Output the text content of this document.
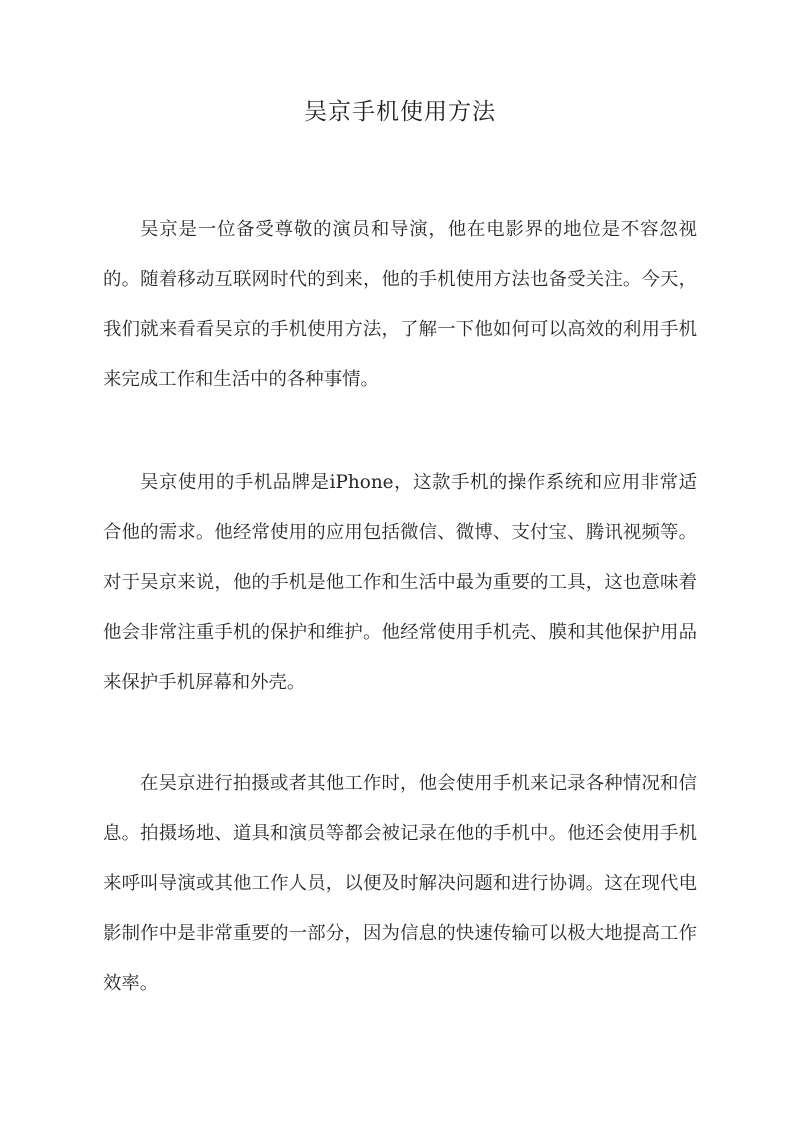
吴京手机使用方法

吴京是一位备受尊敬的演员和导演，他在电影界的地位是不容忽视的。随着移动互联网时代的到来，他的手机使用方法也备受关注。今天，我们就来看看吴京的手机使用方法，了解一下他如何可以高效的利用手机来完成工作和生活中的各种事情。

吴京使用的手机品牌是iPhone，这款手机的操作系统和应用非常适合他的需求。他经常使用的应用包括微信、微博、支付宝、腾讯视频等。对于吴京来说，他的手机是他工作和生活中最为重要的工具，这也意味着他会非常注重手机的保护和维护。他经常使用手机壳、膜和其他保护用品来保护手机屏幕和外壳。

在吴京进行拍摄或者其他工作时，他会使用手机来记录各种情况和信息。拍摄场地、道具和演员等都会被记录在他的手机中。他还会使用手机来呼叫导演或其他工作人员，以便及时解决问题和进行协调。这在现代电影制作中是非常重要的一部分，因为信息的快速传输可以极大地提高工作效率。
